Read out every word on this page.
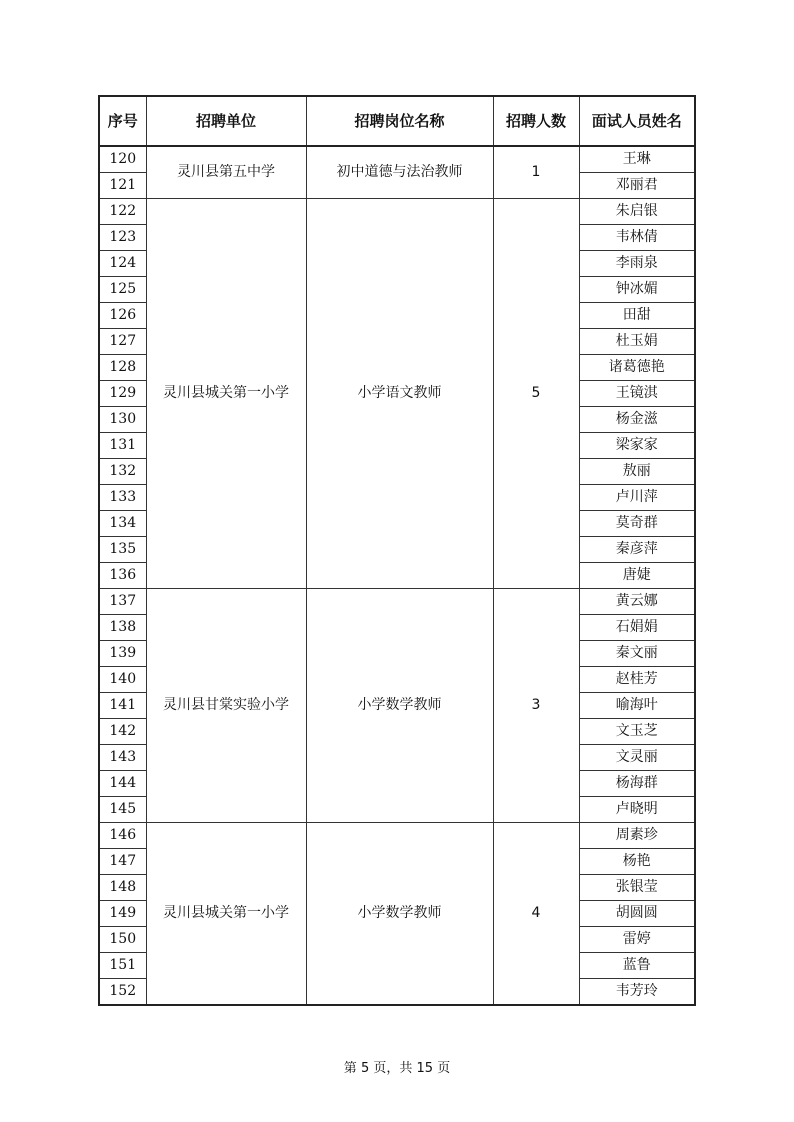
序号	招聘单位	招聘岗位名称	招聘人数	面试人员姓名
120	灵川县第五中学	初中道德与法治教师	1	王琳
121				邓丽君
122	灵川县城关第一小学	小学语文教师	5	朱启银
123				韦林倩
124				李雨泉
125				钟冰媚
126				田甜
127				杜玉娟
128				诸葛德艳
129				王镜淇
130				杨金滋
131				梁家家
132				敖丽
133				卢川萍
134				莫奇群
135				秦彦萍
136				唐婕
137	灵川县甘棠实验小学	小学数学教师	3	黄云娜
138				石娟娟
139				秦文丽
140				赵桂芳
141				喻海叶
142				文玉芝
143				文灵丽
144				杨海群
145				卢晓明
146	灵川县城关第一小学	小学数学教师	4	周素珍
147				杨艳
148				张银莹
149				胡圆圆
150				雷婷
151				蓝鲁
152				韦芳玲
第 5 页，共 15 页
